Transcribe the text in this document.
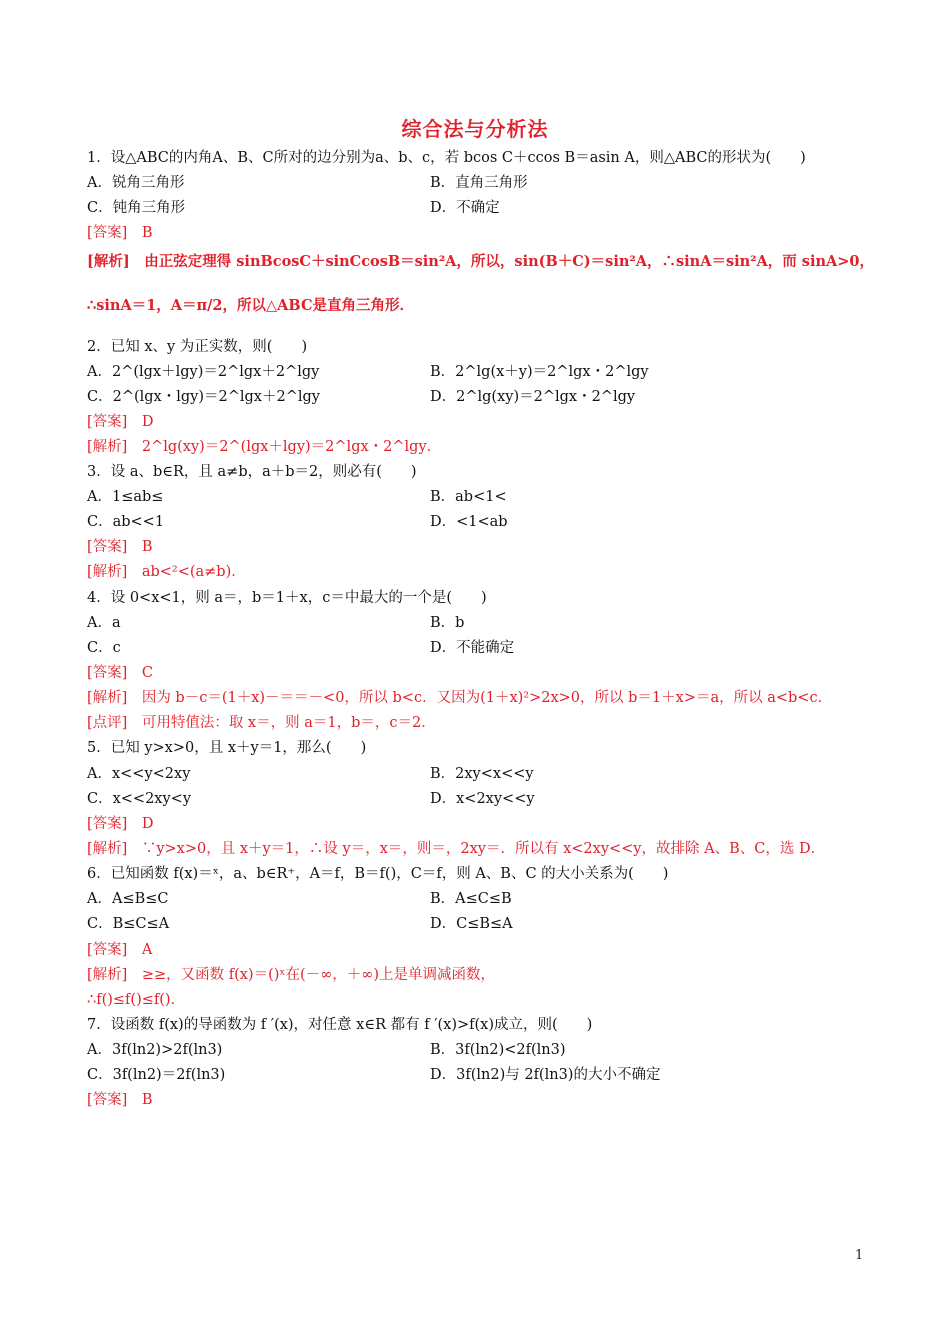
综合法与分析法
1．设△ABC的内角A、B、C所对的边分别为a、b、c，若 bcos C＋ccos B＝asin A，则△ABC的形状为(　　)
A．锐角三角形	B．直角三角形
C．钝角三角形	D．不确定
[答案]　B
[解析]　由正弦定理得 sinBcosC＋sinCcosB＝sin²A，所以，sin(B＋C)＝sin²A，∴sinA＝sin²A，而 sinA>0，
∴sinA＝1，A＝π/2，所以△ABC是直角三角形．
2．已知 x、y 为正实数，则(　　)
A．2^(lgx＋lgy)＝2^lgx＋2^lgy	B．2^lg(x＋y)＝2^lgx・2^lgy
C．2^(lgx・lgy)＝2^lgx＋2^lgy	D．2^lg(xy)＝2^lgx・2^lgy
[答案]　D
[解析]　2^lg(xy)＝2^(lgx＋lgy)＝2^lgx・2^lgy．
3．设 a、b∈R，且 a≠b，a＋b＝2，则必有(　　)
A．1≤ab≤	B．ab<1<
C．ab<<1	D．<1<ab
[答案]　B
[解析]　ab<²<(a≠b)．
4．设 0<x<1，则 a＝，b＝1＋x，c＝中最大的一个是(　　)
A．a	B．b
C．c	D．不能确定
[答案]　C
[解析]　因为 b－c＝(1＋x)－＝＝－<0，所以 b<c．又因为(1＋x)²>2x>0，所以 b＝1＋x>＝a，所以 a<b<c．
[点评]　可用特值法：取 x＝，则 a＝1，b＝，c＝2．
5．已知 y>x>0，且 x＋y＝1，那么(　　)
A．x<<y<2xy	B．2xy<x<<y
C．x<<2xy<y	D．x<2xy<<y
[答案]　D
[解析]　∵y>x>0，且 x＋y＝1，∴设 y＝，x＝，则＝，2xy＝．所以有 x<2xy<<y，故排除 A、B、C，选 D．
6．已知函数 f(x)＝ˣ，a、b∈R⁺，A＝f，B＝f()，C＝f，则 A、B、C 的大小关系为(　　)
A．A≤B≤C	B．A≤C≤B
C．B≤C≤A	D．C≤B≤A
[答案]　A
[解析]　≥≥，又函数 f(x)＝()ˣ在(－∞，＋∞)上是单调减函数，
∴f()≤f()≤f()．
7．设函数 f(x)的导函数为 f ′(x)，对任意 x∈R 都有 f ′(x)>f(x)成立，则(　　)
A．3f(ln2)>2f(ln3)	B．3f(ln2)<2f(ln3)
C．3f(ln2)＝2f(ln3)	D．3f(ln2)与 2f(ln3)的大小不确定
[答案]　B
1
